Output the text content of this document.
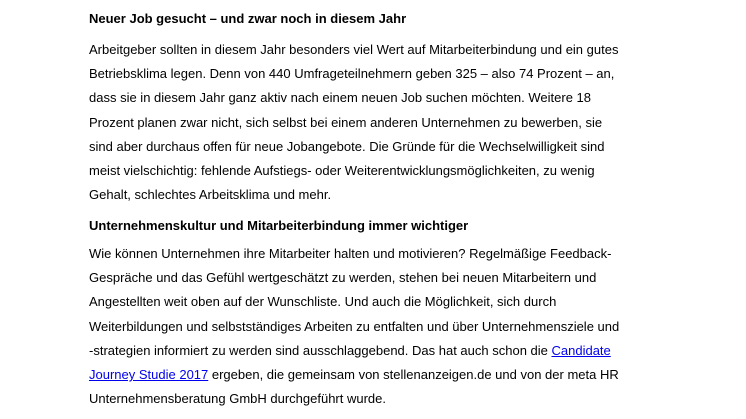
Neuer Job gesucht – und zwar noch in diesem Jahr

Arbeitgeber sollten in diesem Jahr besonders viel Wert auf Mitarbeiterbindung und ein gutes
Betriebsklima legen. Denn von 440 Umfrageteilnehmern geben 325 – also 74 Prozent – an,
dass sie in diesem Jahr ganz aktiv nach einem neuen Job suchen möchten. Weitere 18
Prozent planen zwar nicht, sich selbst bei einem anderen Unternehmen zu bewerben, sie
sind aber durchaus offen für neue Jobangebote. Die Gründe für die Wechselwilligkeit sind
meist vielschichtig: fehlende Aufstiegs- oder Weiterentwicklungsmöglichkeiten, zu wenig
Gehalt, schlechtes Arbeitsklima und mehr.

Unternehmenskultur und Mitarbeiterbindung immer wichtiger

Wie können Unternehmen ihre Mitarbeiter halten und motivieren? Regelmäßige Feedback-
Gespräche und das Gefühl wertgeschätzt zu werden, stehen bei neuen Mitarbeitern und
Angestellten weit oben auf der Wunschliste. Und auch die Möglichkeit, sich durch
Weiterbildungen und selbstständiges Arbeiten zu entfalten und über Unternehmensziele und
-strategien informiert zu werden sind ausschlaggebend. Das hat auch schon die Candidate
Journey Studie 2017 ergeben, die gemeinsam von stellenanzeigen.de und von der meta HR
Unternehmensberatung GmbH durchgeführt wurde.
